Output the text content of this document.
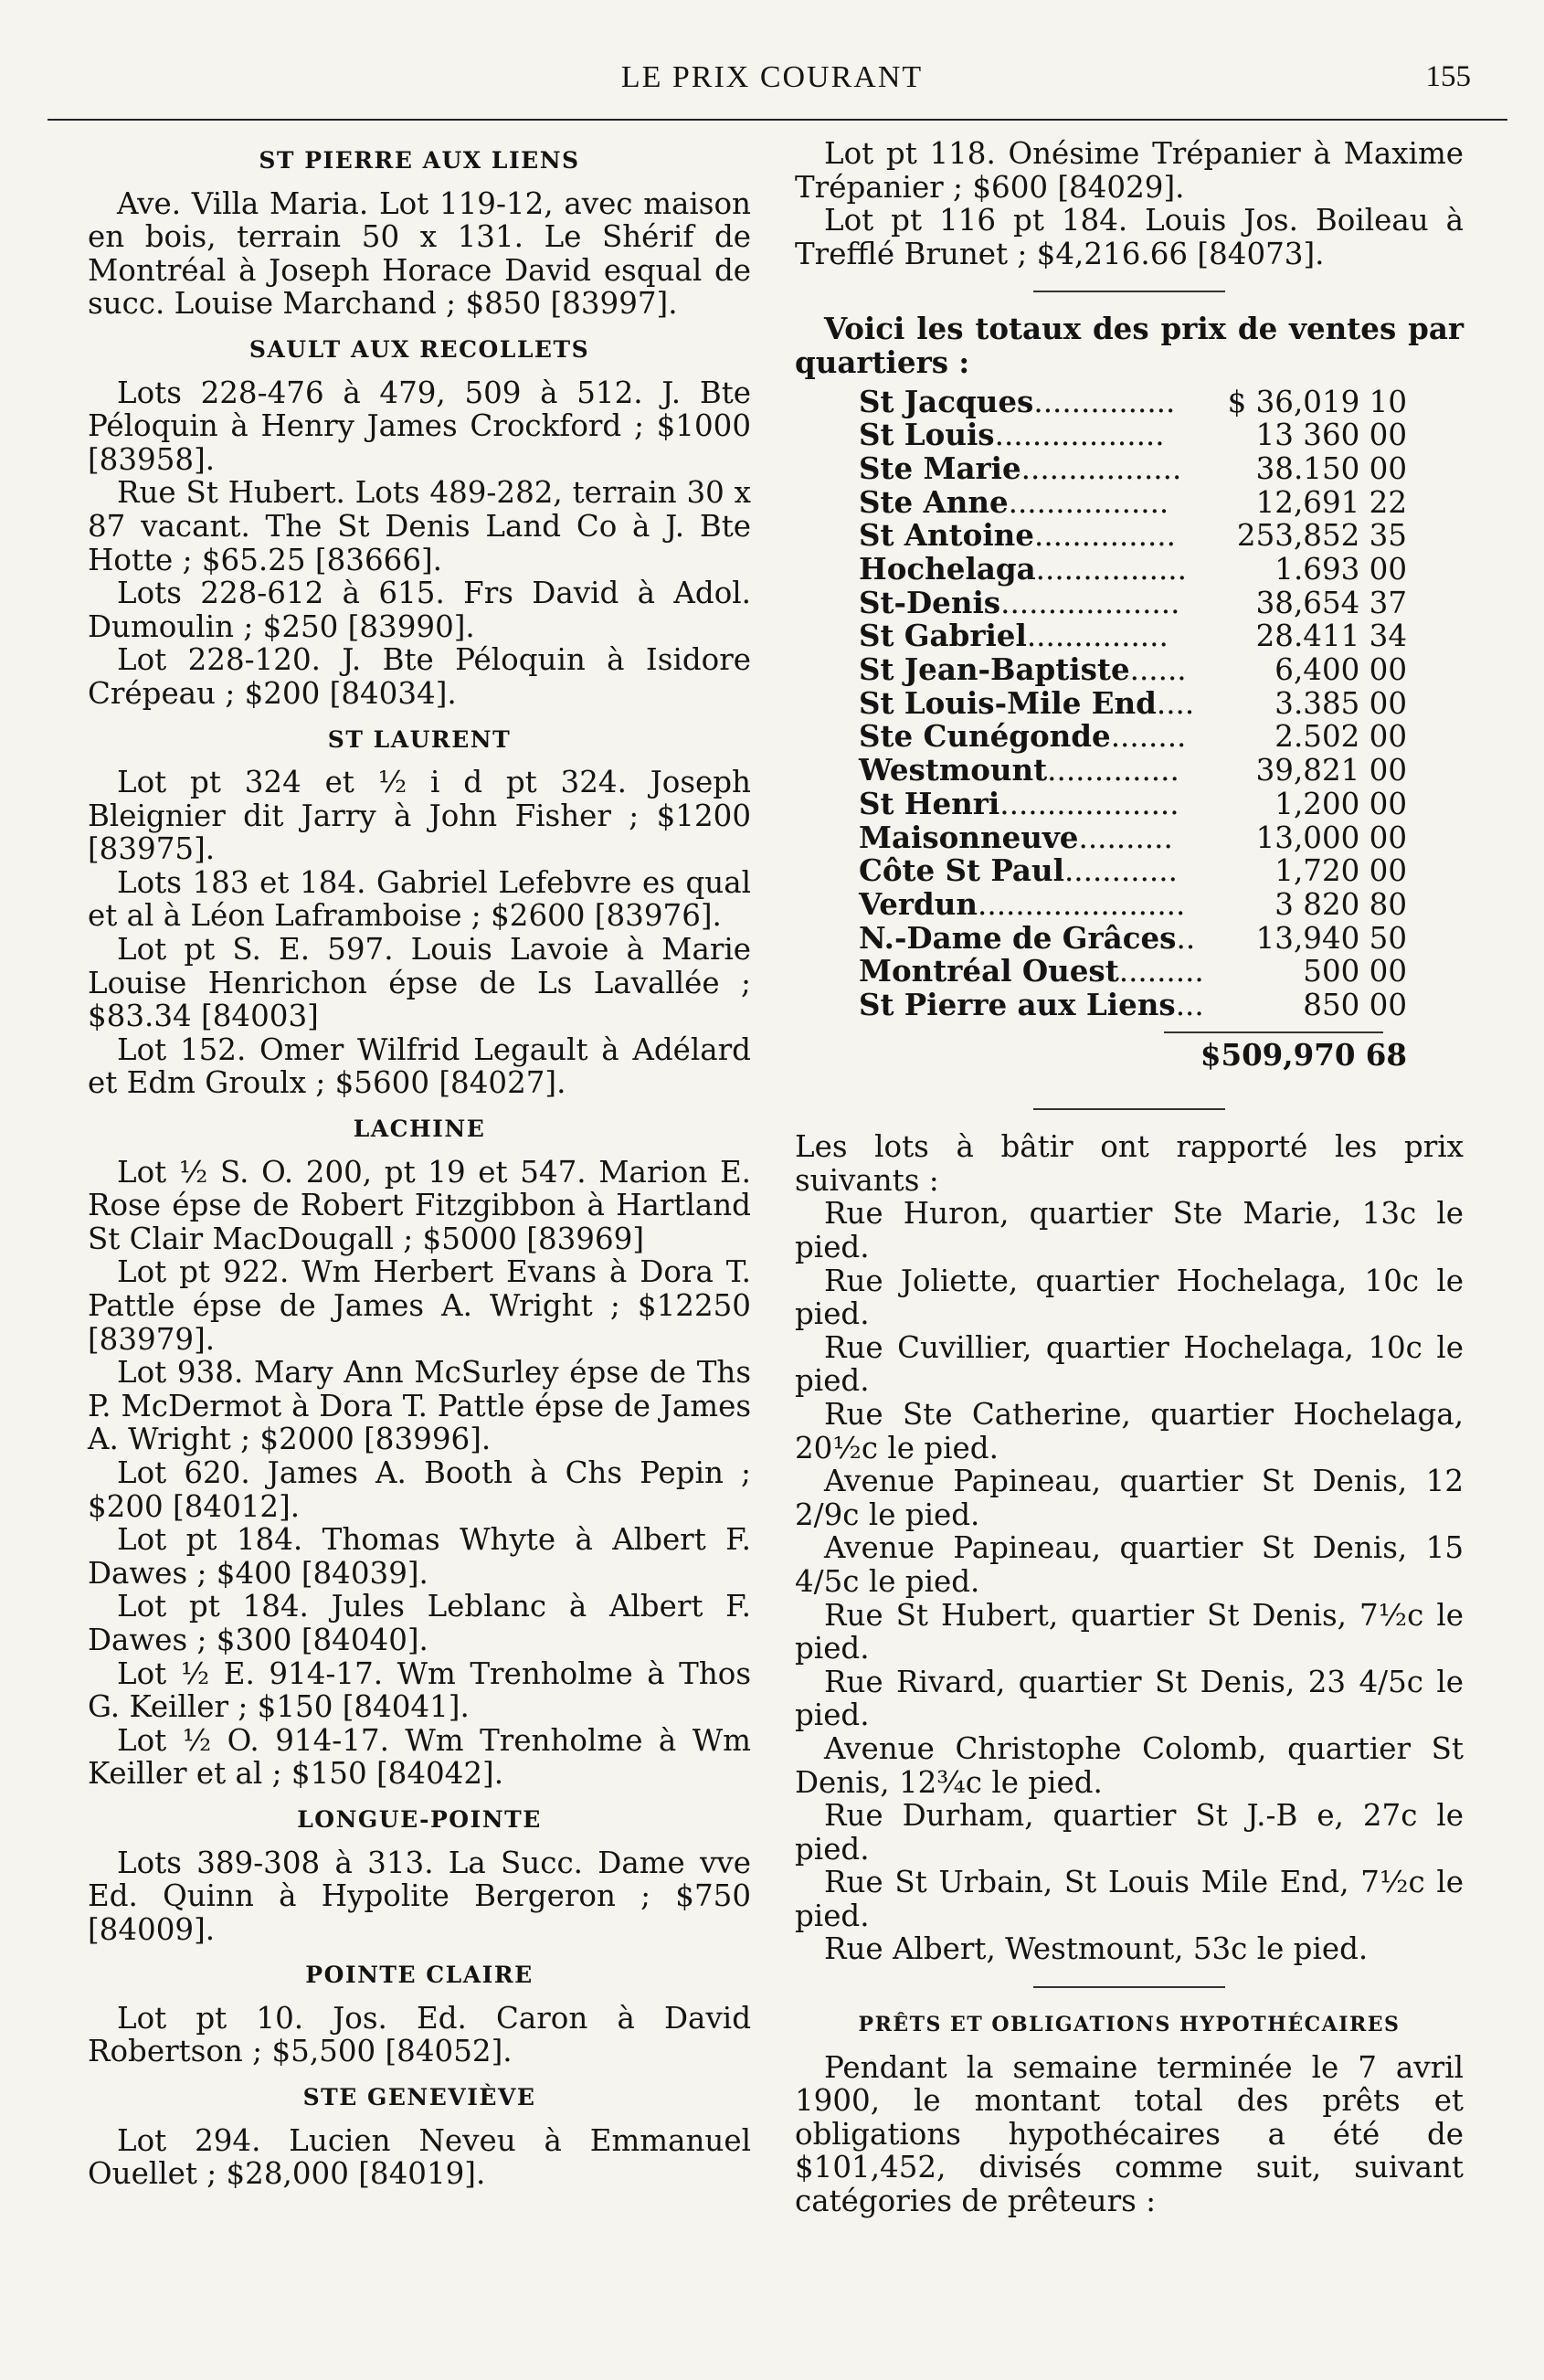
LE PRIX COURANT	155
ST PIERRE AUX LIENS

Ave. Villa Maria. Lot 119-12, avec maison en bois, terrain 50 x 131. Le Shérif de Montréal à Joseph Horace David esqual de succ. Louise Marchand ; $850 [83997].

SAULT AUX RECOLLETS

Lots 228-476 à 479, 509 à 512. J. Bte Péloquin à Henry James Crockford ; $1000 [83958].

Rue St Hubert. Lots 489-282, terrain 30 x 87 vacant. The St Denis Land Co à J. Bte Hotte ; $65.25 [83666].

Lots 228-612 à 615. Frs David à Adol. Dumoulin ; $250 [83990].

Lot 228-120. J. Bte Péloquin à Isidore Crépeau ; $200 [84034].

ST LAURENT

Lot pt 324 et ½ i d pt 324. Joseph Bleignier dit Jarry à John Fisher ; $1200 [83975].

Lots 183 et 184. Gabriel Lefebvre es qual et al à Léon Laframboise ; $2600 [83976].

Lot pt S. E. 597. Louis Lavoie à Marie Louise Henrichon épse de Ls Lavallée ; $83.34 [84003]

Lot 152. Omer Wilfrid Legault à Adélard et Edm Groulx ; $5600 [84027].

LACHINE

Lot ½ S. O. 200, pt 19 et 547. Marion E. Rose épse de Robert Fitzgibbon à Hartland St Clair MacDougall ; $5000 [83969]

Lot pt 922. Wm Herbert Evans à Dora T. Pattle épse de James A. Wright ; $12250 [83979].

Lot 938. Mary Ann McSurley épse de Ths P. McDermot à Dora T. Pattle épse de James A. Wright ; $2000 [83996].

Lot 620. James A. Booth à Chs Pepin ; $200 [84012].

Lot pt 184. Thomas Whyte à Albert F. Dawes ; $400 [84039].

Lot pt 184. Jules Leblanc à Albert F. Dawes ; $300 [84040].

Lot ½ E. 914-17. Wm Trenholme à Thos G. Keiller ; $150 [84041].

Lot ½ O. 914-17. Wm Trenholme à Wm Keiller et al ; $150 [84042].

LONGUE-POINTE

Lots 389-308 à 313. La Succ. Dame vve Ed. Quinn à Hypolite Bergeron ; $750 [84009].

POINTE CLAIRE

Lot pt 10. Jos. Ed. Caron à David Robertson ; $5,500 [84052].

STE GENEVIÈVE

Lot 294. Lucien Neveu à Emmanuel Ouellet ; $28,000 [84019].

Lot pt 118. Onésime Trépanier à Maxime Trépanier ; $600 [84029].

Lot pt 116 pt 184. Louis Jos. Boileau à Trefflé Brunet ; $4,216.66 [84073].

Voici les totaux des prix de ventes par quartiers :

St Jacques ...............	$ 36,019 10
St Louis ..................	13 360 00
Ste Marie .................	38.150 00
Ste Anne .................	12,691 22
St Antoine ...............	253,852 35
Hochelaga ................	1.693 00
St-Denis ...................	38,654 37
St Gabriel ...............	28.411 34
St Jean-Baptiste ......	6,400 00
St Louis-Mile End ....	3.385 00
Ste Cunégonde ........	2.502 00
Westmount ..............	39,821 00
St Henri ...................	1,200 00
Maisonneuve ..........	13,000 00
Côte St Paul ............	1,720 00
Verdun ......................	3 820 80
N.-Dame de Grâces ..	13,940 50
Montréal Ouest .........	500 00
St Pierre aux Liens ...	850 00
$509,970 68

Les lots à bâtir ont rapporté les prix suivants :

Rue Huron, quartier Ste Marie, 13c le pied.

Rue Joliette, quartier Hochelaga, 10c le pied.

Rue Cuvillier, quartier Hochelaga, 10c le pied.

Rue Ste Catherine, quartier Hochelaga, 20½c le pied.

Avenue Papineau, quartier St Denis, 12 2/9c le pied.

Avenue Papineau, quartier St Denis, 15 4/5c le pied.

Rue St Hubert, quartier St Denis, 7½c le pied.

Rue Rivard, quartier St Denis, 23 4/5c le pied.

Avenue Christophe Colomb, quartier St Denis, 12¾c le pied.

Rue Durham, quartier St J.-B e, 27c le pied.

Rue St Urbain, St Louis Mile End, 7½c le pied.

Rue Albert, Westmount, 53c le pied.

PRÊTS ET OBLIGATIONS HYPOTHÉCAIRES

Pendant la semaine terminée le 7 avril 1900, le montant total des prêts et obligations hypothécaires a été de $101,452, divisés comme suit, suivant catégories de prêteurs :
